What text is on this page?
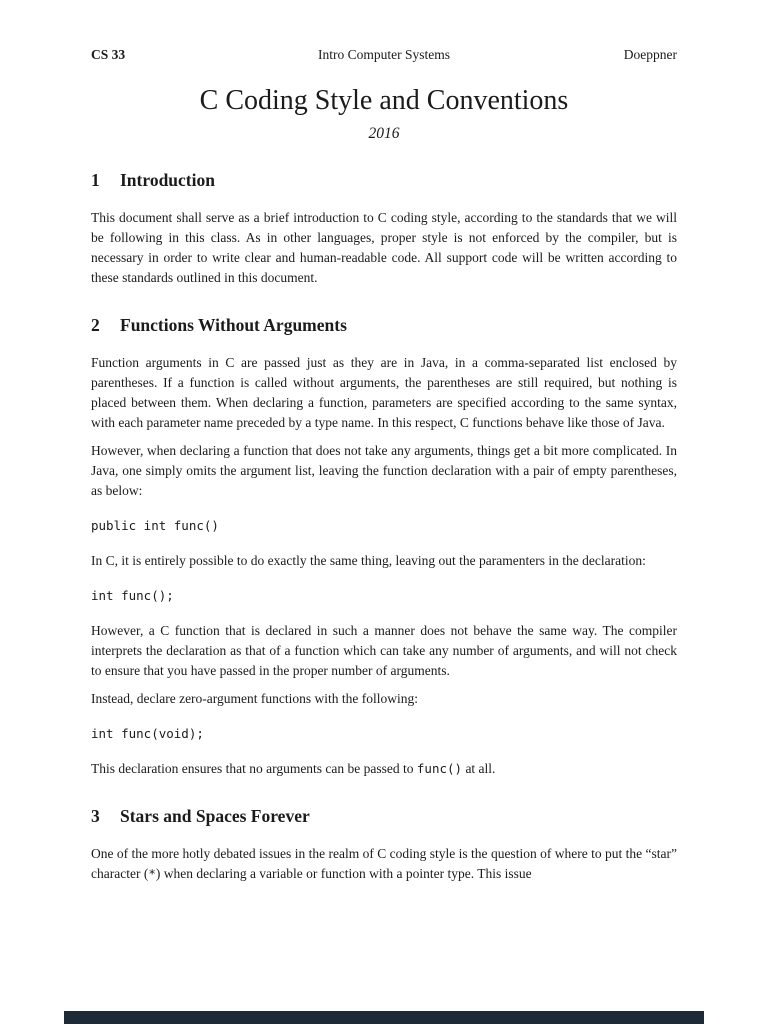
CS 33	Intro Computer Systems	Doeppner
C Coding Style and Conventions
2016
1 Introduction

This document shall serve as a brief introduction to C coding style, according to the standards that we will be following in this class. As in other languages, proper style is not enforced by the compiler, but is necessary in order to write clear and human-readable code. All support code will be written according to these standards outlined in this document.

2 Functions Without Arguments

Function arguments in C are passed just as they are in Java, in a comma-separated list enclosed by parentheses. If a function is called without arguments, the parentheses are still required, but nothing is placed between them. When declaring a function, parameters are specified according to the same syntax, with each parameter name preceded by a type name. In this respect, C functions behave like those of Java.

However, when declaring a function that does not take any arguments, things get a bit more complicated. In Java, one simply omits the argument list, leaving the function declaration with a pair of empty parentheses, as below:

public int func()

In C, it is entirely possible to do exactly the same thing, leaving out the paramenters in the declaration:

int func();

However, a C function that is declared in such a manner does not behave the same way. The compiler interprets the declaration as that of a function which can take any number of arguments, and will not check to ensure that you have passed in the proper number of arguments.

Instead, declare zero-argument functions with the following:

int func(void);

This declaration ensures that no arguments can be passed to func() at all.

3 Stars and Spaces Forever

One of the more hotly debated issues in the realm of C coding style is the question of where to put the “star” character (*) when declaring a variable or function with a pointer type. This issue
